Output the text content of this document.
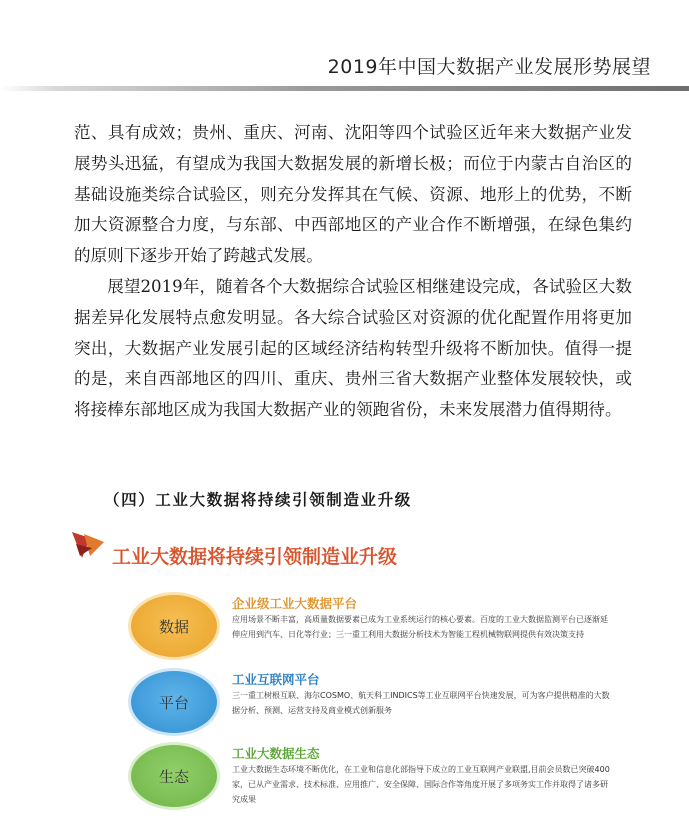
2019年中国大数据产业发展形势展望

范、具有成效；贵州、重庆、河南、沈阳等四个试验区近年来大数据产业发展势头迅猛，有望成为我国大数据发展的新增长极；而位于内蒙古自治区的基础设施类综合试验区，则充分发挥其在气候、资源、地形上的优势，不断加大资源整合力度，与东部、中西部地区的产业合作不断增强，在绿色集约的原则下逐步开始了跨越式发展。

展望2019年，随着各个大数据综合试验区相继建设完成，各试验区大数据差异化发展特点愈发明显。各大综合试验区对资源的优化配置作用将更加突出，大数据产业发展引起的区域经济结构转型升级将不断加快。值得一提的是，来自西部地区的四川、重庆、贵州三省大数据产业整体发展较快，或将接棒东部地区成为我国大数据产业的领跑省份，未来发展潜力值得期待。

（四）工业大数据将持续引领制造业升级
工业大数据将持续引领制造业升级
数据
企业级工业大数据平台
应用场景不断丰富，高质量数据要素已成为工业系统运行的核心要素。百度的工业大数据监测平台已逐渐延伸应用到汽车、日化等行业；三一重工利用大数据分析技术为智能工程机械物联网提供有效决策支持
平台
工业互联网平台
三一重工树根互联、海尔COSMO、航天科工INDICS等工业互联网平台快速发展，可为客户提供精准的大数据分析、预测、运营支持及商业模式创新服务
生态
工业大数据生态
工业大数据生态环境不断优化，在工业和信息化部指导下成立的工业互联网产业联盟,目前会员数已突破400家，已从产业需求、技术标准、应用推广、安全保障、国际合作等角度开展了多项务实工作并取得了诸多研究成果
